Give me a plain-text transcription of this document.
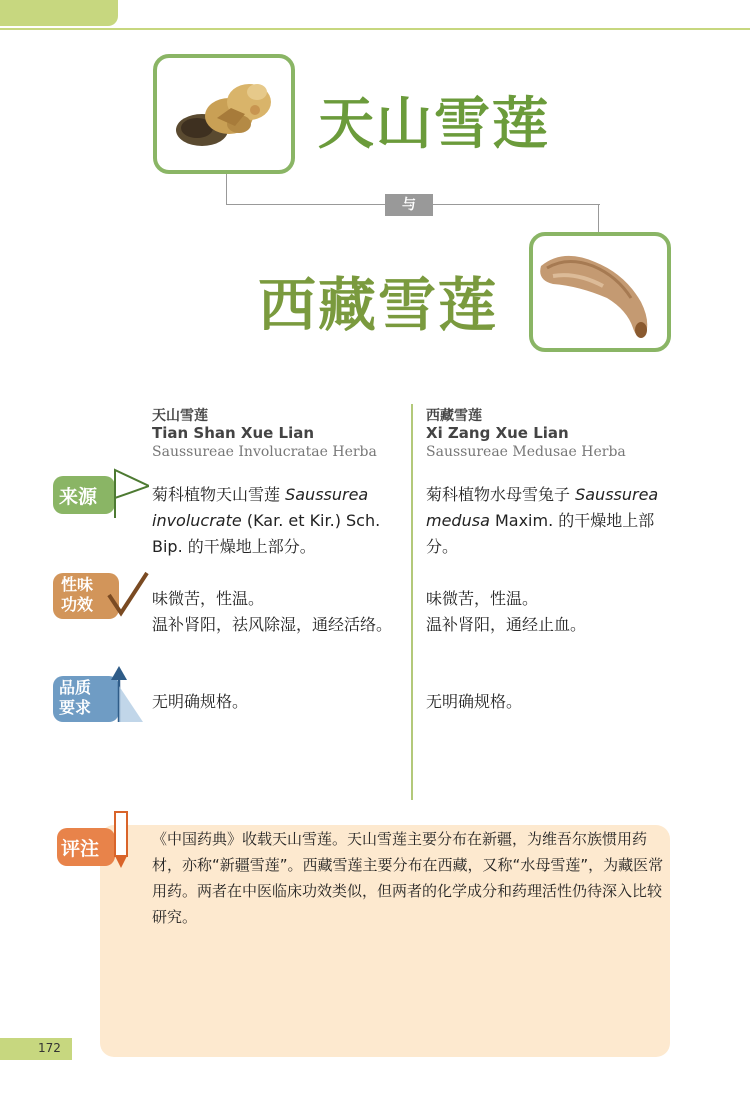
天山雪莲
与
西藏雪莲
天山雪莲
Tian Shan Xue Lian
Saussureae Involucratae Herba
西藏雪莲
Xi Zang Xue Lian
Saussureae Medusae Herba
来源
性味
功效
品质
要求
菊科植物天山雪莲 Saussurea involucrate (Kar. et Kir.) Sch. Bip. 的干燥地上部分。
菊科植物水母雪兔子 Saussurea medusa Maxim. 的干燥地上部分。
味微苦，性温。
温补肾阳，祛风除湿，通经活络。
味微苦，性温。
温补肾阳，通经止血。
无明确规格。	无明确规格。
评注	《中国药典》收载天山雪莲。天山雪莲主要分布在新疆，为维吾尔族惯用药材，亦称“新疆雪莲”。西藏雪莲主要分布在西藏，又称“水母雪莲”，为藏医常用药。两者在中医临床功效类似，但两者的化学成分和药理活性仍待深入比较研究。
172
